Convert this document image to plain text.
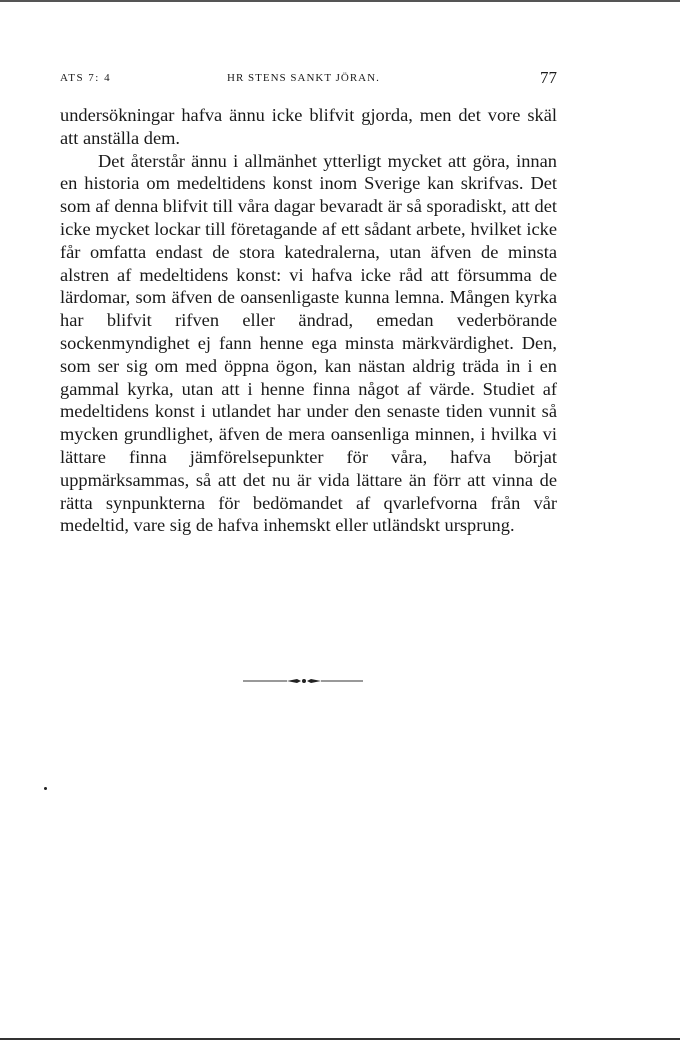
ATS 7: 4	HR STENS SANKT JÖRAN.	77

undersökningar hafva ännu icke blifvit gjorda, men det vore skäl att anställa dem.

Det återstår ännu i allmänhet ytterligt mycket att göra, innan en historia om medeltidens konst inom Sverige kan skrifvas. Det som af denna blifvit till våra dagar bevaradt är så sporadiskt, att det icke mycket lockar till företagande af ett sådant arbete, hvilket icke får omfatta endast de stora katedralerna, utan äfven de minsta alstren af medeltidens konst: vi hafva icke råd att försumma de lärdomar, som äfven de oansenligaste kunna lemna. Mången kyrka har blifvit rifven eller ändrad, emedan vederbörande sockenmyndighet ej fann henne ega minsta märkvärdighet. Den, som ser sig om med öppna ögon, kan nästan aldrig träda in i en gammal kyrka, utan att i henne finna något af värde. Studiet af medeltidens konst i utlandet har under den senaste tiden vunnit så mycken grundlighet, äfven de mera oansenliga minnen, i hvilka vi lättare finna jämförelsepunkter för våra, hafva börjat uppmärksammas, så att det nu är vida lättare än förr att vinna de rätta synpunkterna för bedömandet af qvarlefvorna från vår medeltid, vare sig de hafva inhemskt eller utländskt ursprung.
